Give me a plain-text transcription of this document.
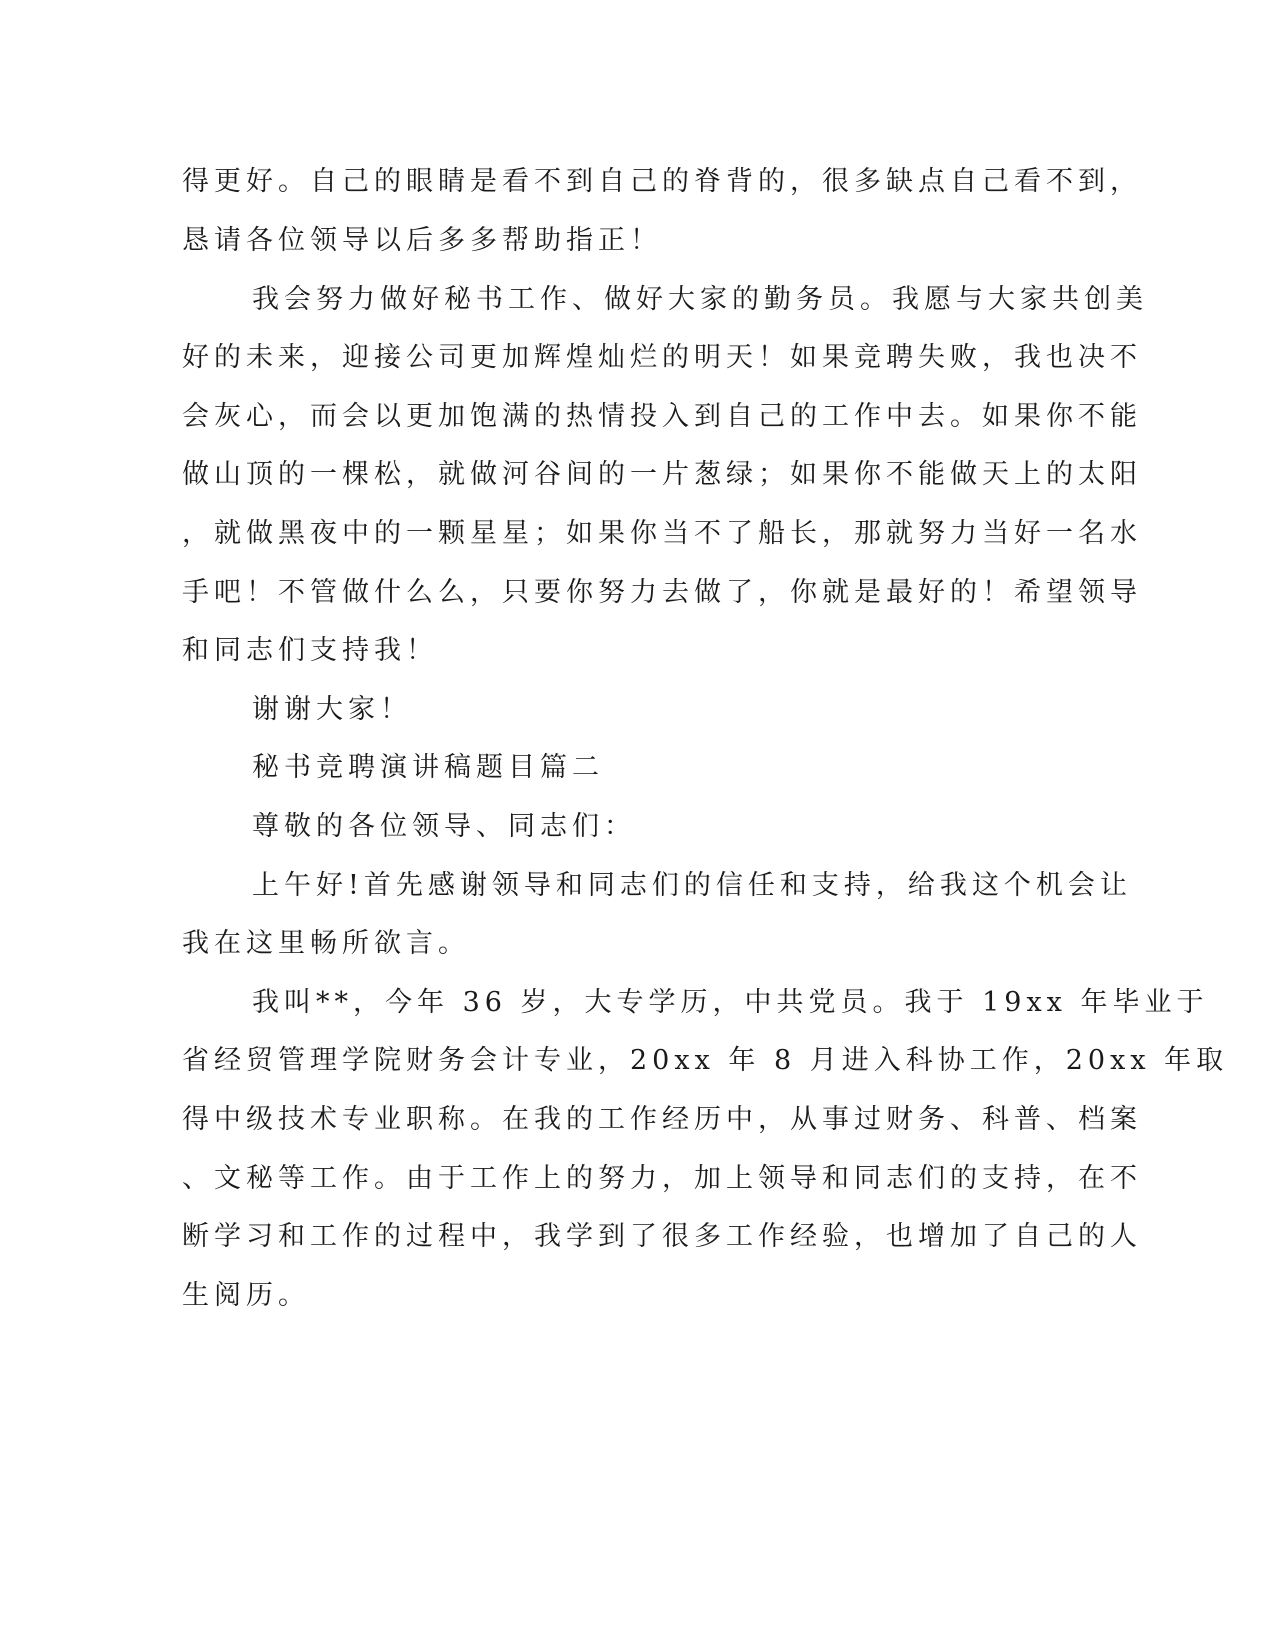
得更好。自己的眼睛是看不到自己的脊背的，很多缺点自己看不到，

恳请各位领导以后多多帮助指正！

我会努力做好秘书工作、做好大家的勤务员。我愿与大家共创美

好的未来，迎接公司更加辉煌灿烂的明天！如果竞聘失败，我也决不

会灰心，而会以更加饱满的热情投入到自己的工作中去。如果你不能

做山顶的一棵松，就做河谷间的一片葱绿；如果你不能做天上的太阳

，就做黑夜中的一颗星星；如果你当不了船长，那就努力当好一名水

手吧！不管做什么么，只要你努力去做了，你就是最好的！希望领导

和同志们支持我！

谢谢大家！

秘书竞聘演讲稿题目篇二

尊敬的各位领导、同志们：

上午好!首先感谢领导和同志们的信任和支持，给我这个机会让

我在这里畅所欲言。

我叫**，今年 36 岁，大专学历，中共党员。我于 19xx 年毕业于

省经贸管理学院财务会计专业，20xx 年 8 月进入科协工作，20xx 年取

得中级技术专业职称。在我的工作经历中，从事过财务、科普、档案

、文秘等工作。由于工作上的努力，加上领导和同志们的支持，在不

断学习和工作的过程中，我学到了很多工作经验，也增加了自己的人

生阅历。
